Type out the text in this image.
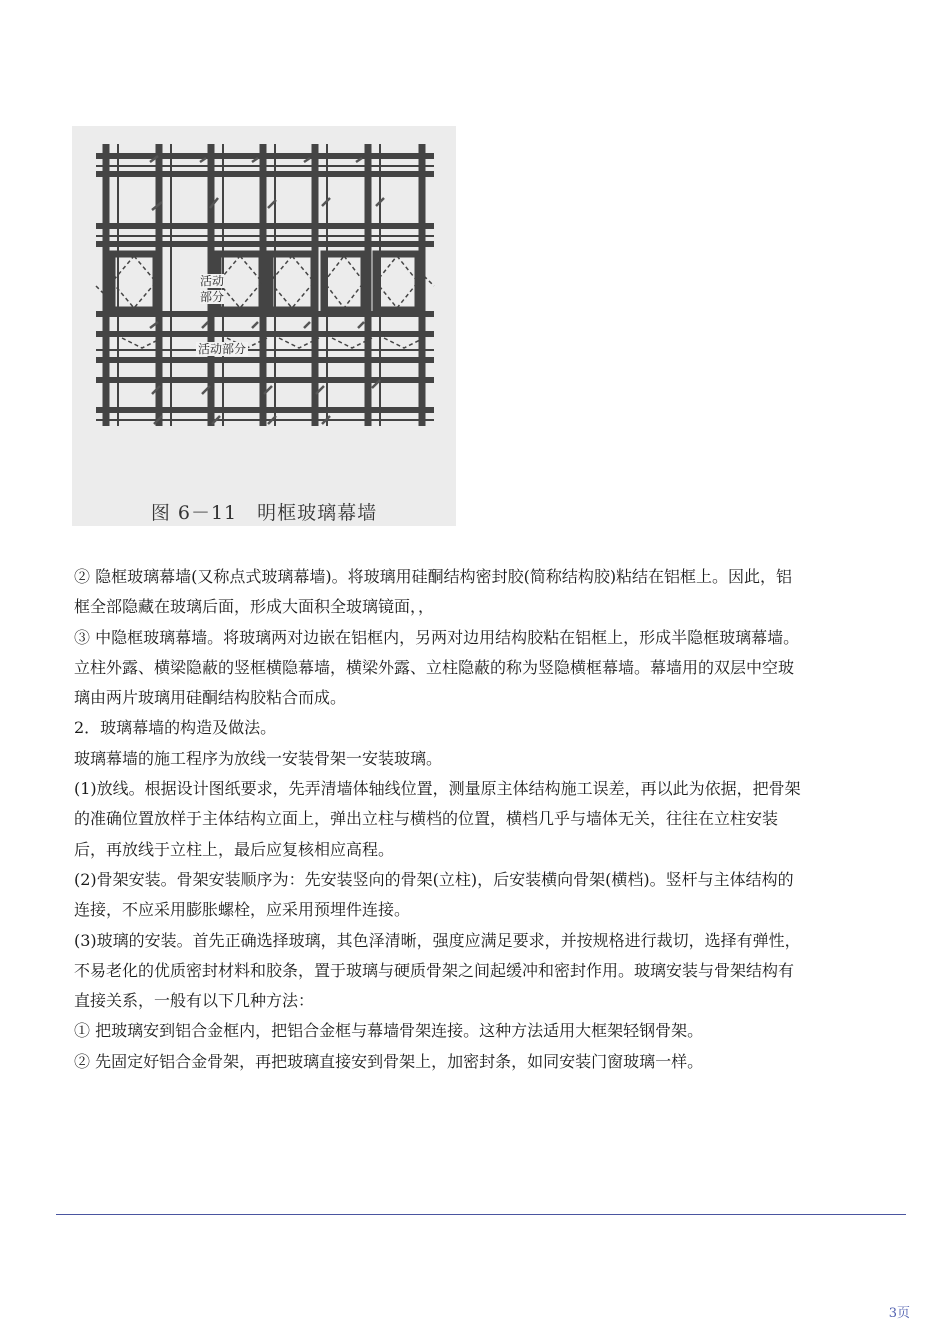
活动
部分
活动部分
图 6－11　明框玻璃幕墙

② 隐框玻璃幕墙(又称点式玻璃幕墙)。将玻璃用硅酮结构密封胶(简称结构胶)粘结在铝框上。因此，铝

框全部隐藏在玻璃后面，形成大面积全玻璃镜面，，

③ 中隐框玻璃幕墙。将玻璃两对边嵌在铝框内，另两对边用结构胶粘在铝框上，形成半隐框玻璃幕墙。

立柱外露、横梁隐蔽的竖框横隐幕墙，横梁外露、立柱隐蔽的称为竖隐横框幕墙。幕墙用的双层中空玻

璃由两片玻璃用硅酮结构胶粘合而成。

2．玻璃幕墙的构造及做法。

玻璃幕墙的施工程序为放线一安装骨架一安装玻璃。

(1)放线。根据设计图纸要求，先弄清墙体轴线位置，测量原主体结构施工误差，再以此为依据，把骨架

的准确位置放样于主体结构立面上，弹出立柱与横档的位置，横档几乎与墙体无关，往往在立柱安装

后，再放线于立柱上，最后应复核相应高程。

(2)骨架安装。骨架安装顺序为：先安装竖向的骨架(立柱)，后安装横向骨架(横档)。竖杆与主体结构的

连接，不应采用膨胀螺栓，应采用预埋件连接。

(3)玻璃的安装。首先正确选择玻璃，其色泽清晰，强度应满足要求，并按规格进行裁切，选择有弹性，

不易老化的优质密封材料和胶条，置于玻璃与硬质骨架之间起缓冲和密封作用。玻璃安装与骨架结构有

直接关系，一般有以下几种方法：

① 把玻璃安到铝合金框内，把铝合金框与幕墙骨架连接。这种方法适用大框架轻钢骨架。

② 先固定好铝合金骨架，再把玻璃直接安到骨架上，加密封条，如同安装门窗玻璃一样。

3页
